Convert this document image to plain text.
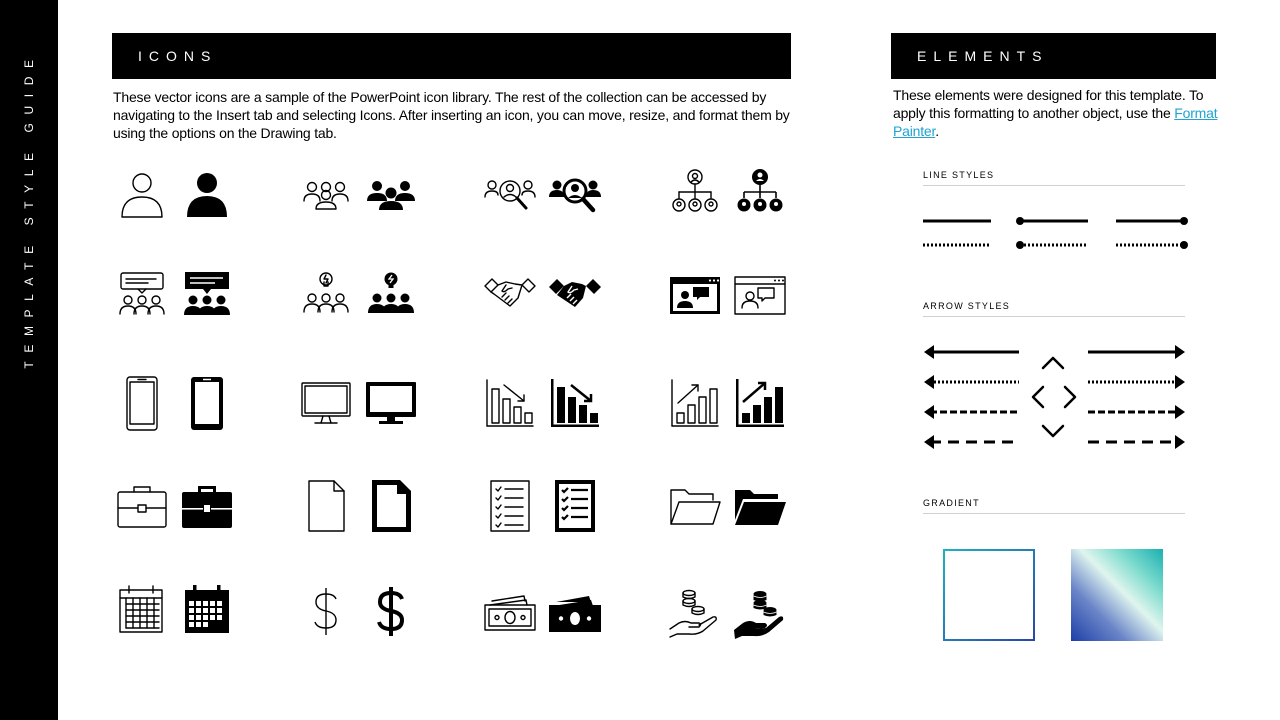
TEMPLATE STYLE GUIDE	ICONS
These vector icons are a sample of the PowerPoint icon library. The rest of the collection can be accessed by navigating to the Insert tab and selecting Icons. After inserting an icon, you can move, resize, and format them by using the options on the Drawing tab.
ELEMENTS
These elements were designed for this template. To apply this formatting to another object, use the Format Painter.
LINE STYLES
ARROW STYLES
GRADIENT
